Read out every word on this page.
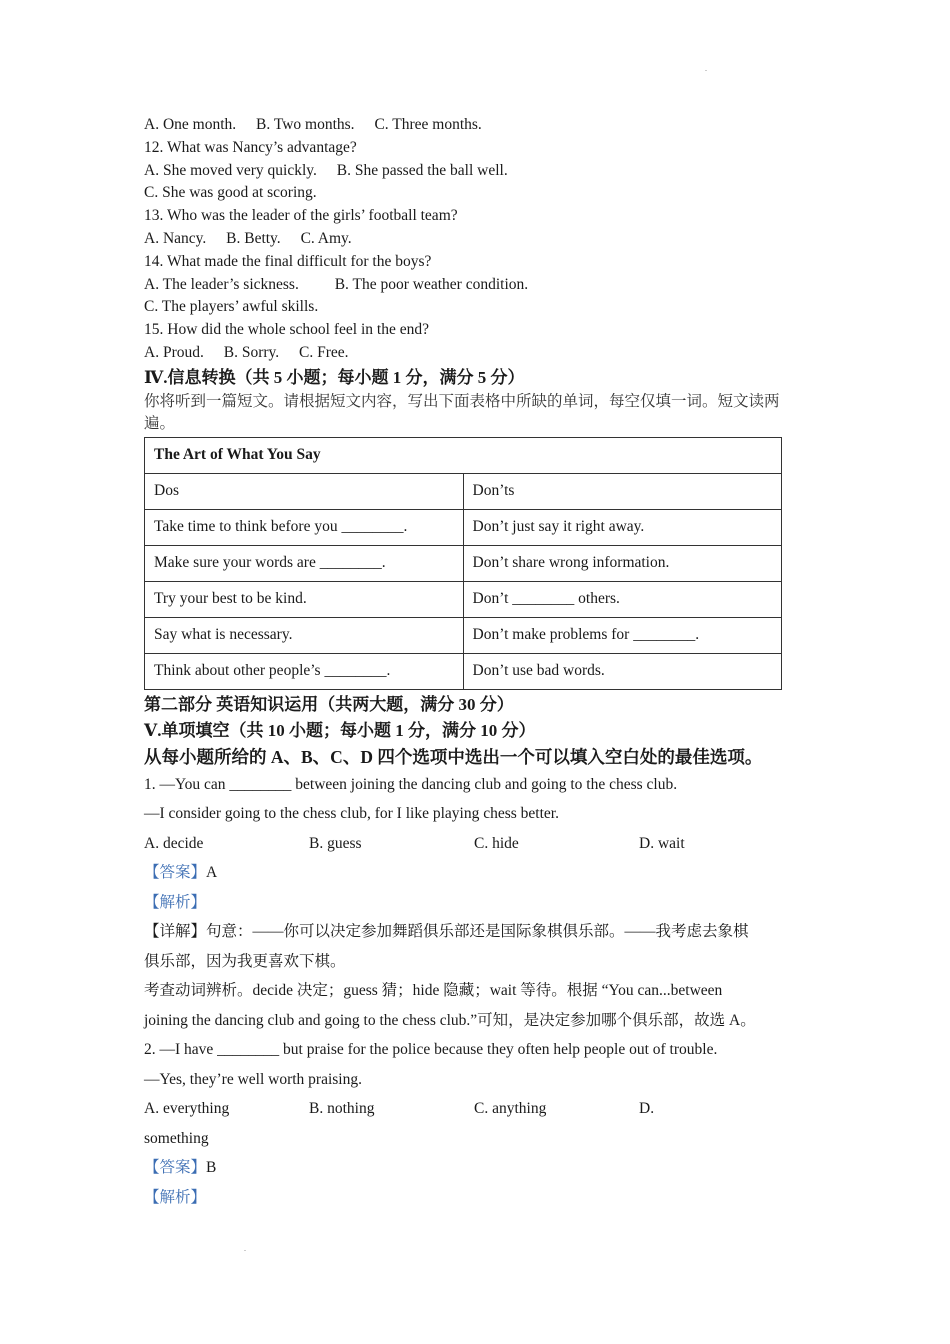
A. One month. B. Two months. C. Three months.
12. What was Nancy’s advantage?
A. She moved very quickly. B. She passed the ball well.
C. She was good at scoring.
13. Who was the leader of the girls’ football team?
A. Nancy. B. Betty. C. Amy.
14. What made the final difficult for the boys?
A. The leader’s sickness. B. The poor weather condition.
C. The players’ awful skills.
15. How did the whole school feel in the end?
A. Proud. B. Sorry. C. Free.
Ⅳ.信息转换（共 5 小题；每小题 1 分，满分 5 分）
你将听到一篇短文。请根据短文内容，写出下面表格中所缺的单词，每空仅填一词。短文读两遍。
The Art of What You Say	
Dos	Don’ts
Take time to think before you ________.	Don’t just say it right away.
Make sure your words are ________.	Don’t share wrong information.
Try your best to be kind.	Don’t ________ others.
Say what is necessary.	Don’t make problems for ________.
Think about other people’s ________.	Don’t use bad words.
第二部分 英语知识运用（共两大题，满分 30 分）
Ⅴ.单项填空（共 10 小题；每小题 1 分，满分 10 分）
从每小题所给的 A、B、C、D 四个选项中选出一个可以填入空白处的最佳选项。
1. —You can ________ between joining the dancing club and going to the chess club.
—I consider going to the chess club, for I like playing chess better.
A. decide	B. guess	C. hide	D. wait
【答案】A
【解析】
【详解】句意：——你可以决定参加舞蹈俱乐部还是国际象棋俱乐部。——我考虑去象棋
俱乐部，因为我更喜欢下棋。
考查动词辨析。decide 决定；guess 猜；hide 隐藏；wait 等待。根据 “You can...between
joining the dancing club and going to the chess club.”可知，是决定参加哪个俱乐部，故选 A。
2. —I have ________ but praise for the police because they often help people out of trouble.
—Yes, they’re well worth praising.
A. everything	B. nothing	C. anything	D.
something
【答案】B
【解析】
